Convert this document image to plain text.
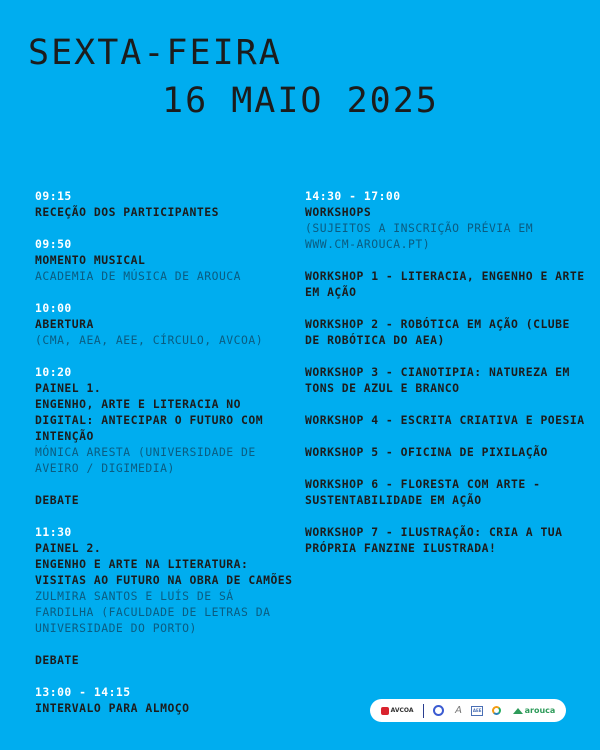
SEXTA-FEIRA
16 MAIO 2025
09:15
RECEÇÃO DOS PARTICIPANTES
09:50
MOMENTO MUSICAL
ACADEMIA DE MÚSICA DE AROUCA
10:00
ABERTURA
(CMA, AEA, AEE, CÍRCULO, AVCOA)
10:20
PAINEL 1.
ENGENHO, ARTE E LITERACIA NO DIGITAL: ANTECIPAR O FUTURO COM INTENÇÃO
MÓNICA ARESTA (UNIVERSIDADE DE AVEIRO / DIGIMEDIA)
DEBATE
11:30
PAINEL 2.
ENGENHO E ARTE NA LITERATURA: VISITAS AO FUTURO NA OBRA DE CAMÕES
ZULMIRA SANTOS E LUÍS DE SÁ FARDILHA (FACULDADE DE LETRAS DA UNIVERSIDADE DO PORTO)
DEBATE
13:00 - 14:15
INTERVALO PARA ALMOÇO
14:30 - 17:00
WORKSHOPS
(SUJEITOS A INSCRIÇÃO PRÉVIA EM WWW.CM-AROUCA.PT)
WORKSHOP 1 - LITERACIA, ENGENHO E ARTE EM AÇÃO
WORKSHOP 2 - ROBÓTICA EM AÇÃO (CLUBE DE ROBÓTICA DO AEA)
WORKSHOP 3 - CIANOTIPIA: NATUREZA EM TONS DE AZUL E BRANCO
WORKSHOP 4 - ESCRITA CRIATIVA E POESIA
WORKSHOP 5 - OFICINA DE PIXILAÇÃO
WORKSHOP 6 - FLORESTA COM ARTE - SUSTENTABILIDADE EM AÇÃO
WORKSHOP 7 - ILUSTRAÇÃO: CRIA A TUA PRÓPRIA FANZINE ILUSTRADA!
AVCOA	A	AEE	arouca
